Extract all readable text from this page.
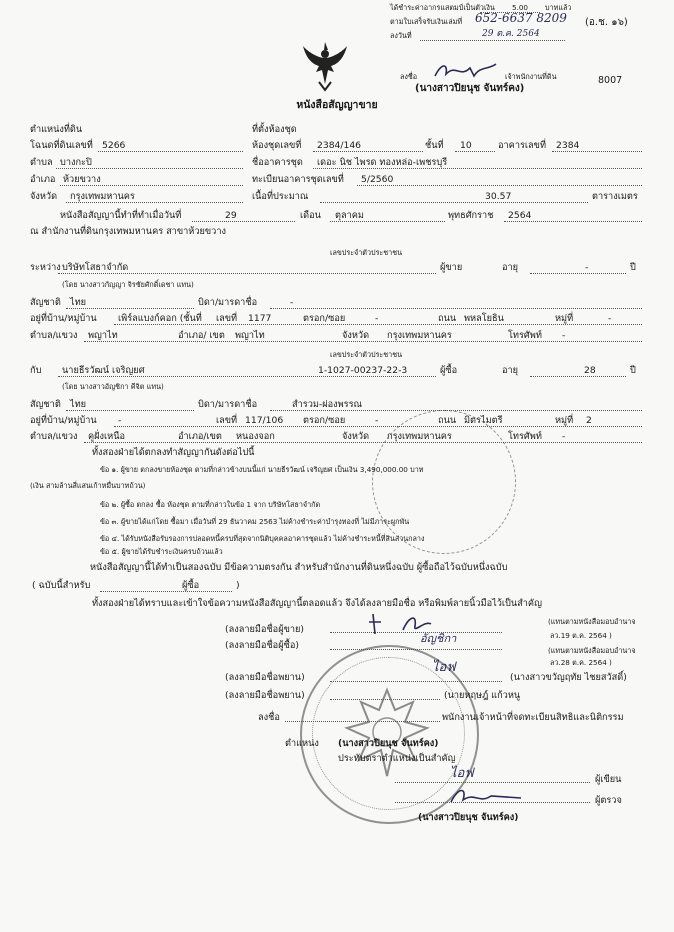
ได้ชำระค่าอากรแสตมป์เป็นตัวเงิน 5.00 บาทแล้ว
ตามใบเสร็จรับเงินเล่มที่ 652-6637 8209 (อ.ช. ๑๖)
ลงวันที่	29 ต.ค. 2564
ลงชื่อ	เจ้าพนักงานที่ดิน
(นางสาวปิยนุช จันทร์คง)
8007
หนังสือสัญญาขาย
ตำแหน่งที่ดิน	ที่ตั้งห้องชุด
โฉนดที่ดินเลขที่ 5266	ห้องชุดเลขที่ 2384/146	ชั้นที่ 10	อาคารเลขที่ 2384
ตำบล บางกะปิ	ชื่ออาคารชุด เดอะ นิช ไพรด ทองหล่อ-เพชรบุรี
อำเภอ ห้วยขวาง	ทะเบียนอาคารชุดเลขที่ 5/2560
จังหวัด กรุงเทพมหานคร	เนื้อที่ประมาณ	30.57	ตารางเมตร
หนังสือสัญญานี้ทำที่ทำเมื่อวันที่	29	เดือน ตุลาคม	พุทธศักราช 2564
ณ สำนักงานที่ดินกรุงเทพมหานคร สาขาห้วยขวาง
เลขประจำตัวประชาชน
ระหว่าง บริษัทโสธาจำกัด	ผู้ขาย	อายุ	-	ปี
(โดย นางสาวกัญญา จิรชัยศักดิ์เดชา แทน)
สัญชาติ ไทย	บิดา/มารดาชื่อ	-
อยู่ที่บ้าน/หมู่บ้าน เพิร์ลแบงก์คอก (ชั้นที่ เลขที่ 1177	ตรอก/ซอย	-	ถนน พหลโยธิน	หมู่ที่	-
ตำบล/แขวง พญาไท	อำเภอ/ เขต พญาไท	จังหวัด กรุงเทพมหานคร	โทรศัพท์ -
เลขประจำตัวประชาชน
กับ นายธีรวัฒน์ เจริญยศ	1-1027-00237-22-3	ผู้ซื้อ	อายุ	28	ปี
(โดย นางสาวอัญชิกา คีจิต แทน)
สัญชาติ ไทย	บิดา/มารดาชื่อ	สำรวม-ผ่องพรรณ
อยู่ที่บ้าน/หมู่บ้าน -	เลขที่ 117/106 ตรอก/ซอย	-	ถนน มิตรไมตรี	หมู่ที่ 2
ตำบล/แขวง คูฝั่งเหนือ	อำเภอ/เขต หนองจอก	จังหวัด กรุงเทพมหานคร	โทรศัพท์ -
ทั้งสองฝ่ายได้ตกลงทำสัญญากันดังต่อไปนี้
ข้อ ๑. ผู้ขาย ตกลงขายห้องชุด ตามที่กล่าวข้างบนนี้แก่ นายธีรวัฒน์ เจริญยศ เป็นเงิน 3,490,000.00 บาท
(เงิน สามล้านสี่แสนเก้าหมื่นบาทถ้วน)
ข้อ ๒. ผู้ซื้อ ตกลง ซื้อ ห้องชุด ตามที่กล่าวในข้อ 1 จาก บริษัทโสธาจำกัด
ข้อ ๓. ผู้ขายได้แก่โดย ซื้อมา เมื่อวันที่ 29 ธันวาคม 2563 ไม่ค้างชำระค่าบำรุงทองที่ ไม่มีภาระผูกพัน
ข้อ ๔. ได้รับหนังสือรับรองการปลอดหนี้ครบที่สุดจากนิติบุคคลอาคารชุดแล้ว ไม่ค้างชำระหนี้ที่สินส่วนกลาง
ข้อ ๕. ผู้ขายได้รับชำระเงินครบถ้วนแล้ว
หนังสือสัญญานี้ได้ทำเป็นสองฉบับ มีข้อความตรงกัน สำหรับสำนักงานที่ดินหนึ่งฉบับ ผู้ซื้อถือไว้ฉบับหนึ่งฉบับ
( ฉบับนี้สำหรับ	ผู้ซื้อ	)
ทั้งสองฝ่ายได้ทราบและเข้าใจข้อความหนังสือสัญญานี้ตลอดแล้ว จึงได้ลงลายมือชื่อ หรือพิมพ์ลายนิ้วมือไว้เป็นสำคัญ
(ลงลายมือชื่อผู้ขาย)
(แทนตามหนังสือมอบอำนาจ
ลว.19 ต.ค. 2564 )
(ลงลายมือชื่อผู้ซื้อ)
อัญชิกา
(แทนตามหนังสือมอบอำนาจ
ลว.28 ต.ค. 2564 )
(ลงลายมือชื่อพยาน)
ไอฟ
(นางสาวขวัญฤทัย ไชยสวัสดิ์)
(ลงลายมือชื่อพยาน)	(นายหฤษฎ์ แก้วหนู
ลงชื่อ	พนักงานเจ้าหน้าที่จดทะเบียนสิทธิและนิติกรรม
ตำแหน่ง (นางสาวปิยนุช จันทร์คง)
ประทับตราตำแหน่งเป็นสำคัญ
ไอฟ	ผู้เขียน
ผู้ตรวจ
(นางสาวปิยนุช จันทร์คง)
